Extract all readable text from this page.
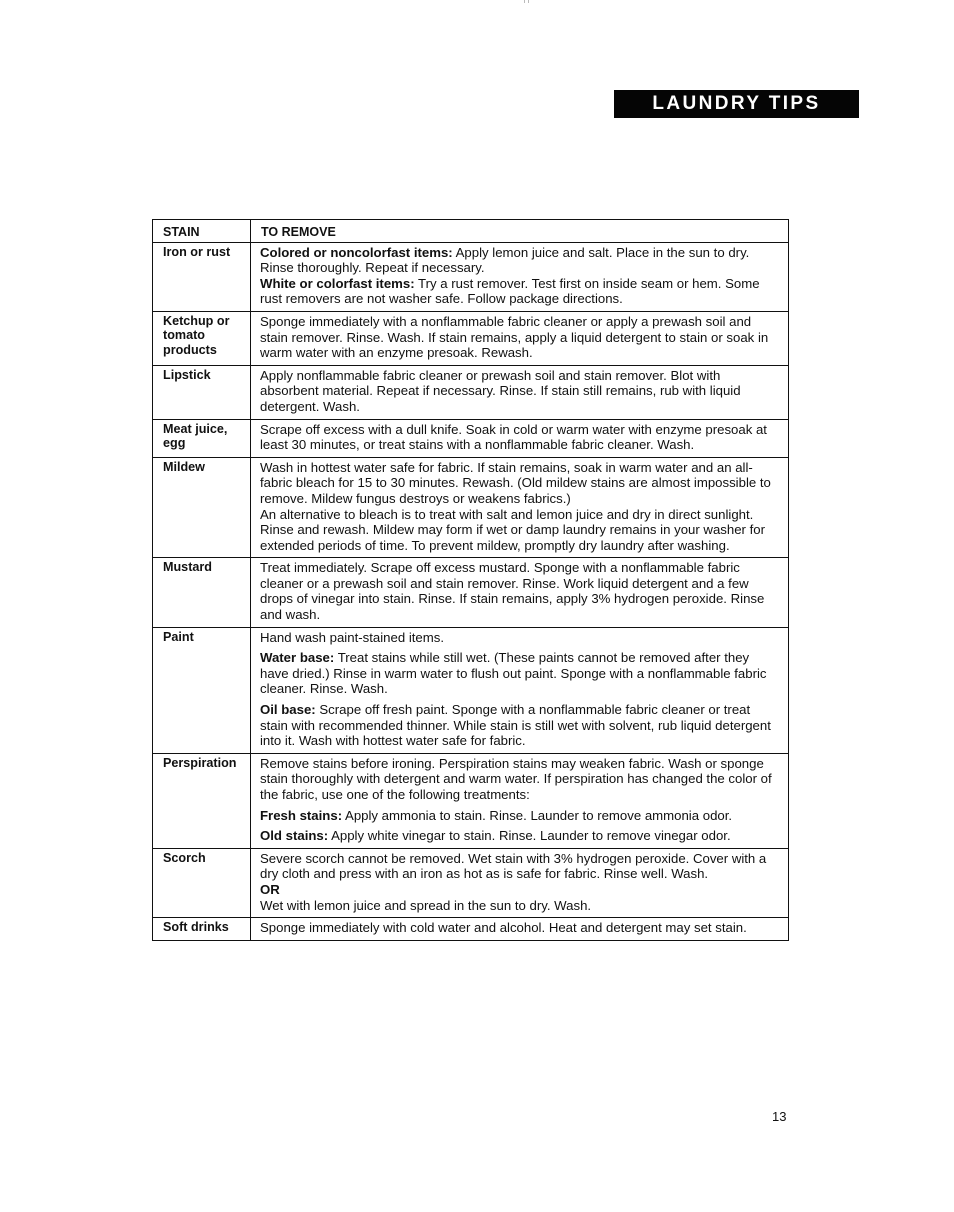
LAUNDRY TIPS
STAIN	TO REMOVE
Iron or rust	Colored or noncolorfast items: Apply lemon juice and salt. Place in the sun to dry. Rinse thoroughly. Repeat if necessary.
White or colorfast items: Try a rust remover. Test first on inside seam or hem. Some rust removers are not washer safe. Follow package directions.

Ketchup or tomato products	Sponge immediately with a nonflammable fabric cleaner or apply a prewash soil and stain remover. Rinse. Wash. If stain remains, apply a liquid detergent to stain or soak in warm water with an enzyme presoak. Rewash.

Lipstick	Apply nonflammable fabric cleaner or prewash soil and stain remover. Blot with absorbent material. Repeat if necessary. Rinse. If stain still remains, rub with liquid detergent. Wash.

Meat juice, egg	Scrape off excess with a dull knife. Soak in cold or warm water with enzyme presoak at least 30 minutes, or treat stains with a nonflammable fabric cleaner. Wash.

Mildew	Wash in hottest water safe for fabric. If stain remains, soak in warm water and an all-fabric bleach for 15 to 30 minutes. Rewash. (Old mildew stains are almost impossible to remove. Mildew fungus destroys or weakens fabrics.)
An alternative to bleach is to treat with salt and lemon juice and dry in direct sunlight. Rinse and rewash. Mildew may form if wet or damp laundry remains in your washer for extended periods of time. To prevent mildew, promptly dry laundry after washing.

Mustard	Treat immediately. Scrape off excess mustard. Sponge with a nonflammable fabric cleaner or a prewash soil and stain remover. Rinse. Work liquid detergent and a few drops of vinegar into stain. Rinse. If stain remains, apply 3% hydrogen peroxide. Rinse and wash.

Paint	Hand wash paint-stained items.
Water base: Treat stains while still wet. (These paints cannot be removed after they have dried.) Rinse in warm water to flush out paint. Sponge with a nonflammable fabric cleaner. Rinse. Wash.
Oil base: Scrape off fresh paint. Sponge with a nonflammable fabric cleaner or treat stain with recommended thinner. While stain is still wet with solvent, rub liquid detergent into it. Wash with hottest water safe for fabric.

Perspiration	Remove stains before ironing. Perspiration stains may weaken fabric. Wash or sponge stain thoroughly with detergent and warm water. If perspiration has changed the color of the fabric, use one of the following treatments:
Fresh stains: Apply ammonia to stain. Rinse. Launder to remove ammonia odor.
Old stains: Apply white vinegar to stain. Rinse. Launder to remove vinegar odor.

Scorch	Severe scorch cannot be removed. Wet stain with 3% hydrogen peroxide. Cover with a dry cloth and press with an iron as hot as is safe for fabric. Rinse well. Wash.
OR
Wet with lemon juice and spread in the sun to dry. Wash.

Soft drinks	Sponge immediately with cold water and alcohol. Heat and detergent may set stain.
13
